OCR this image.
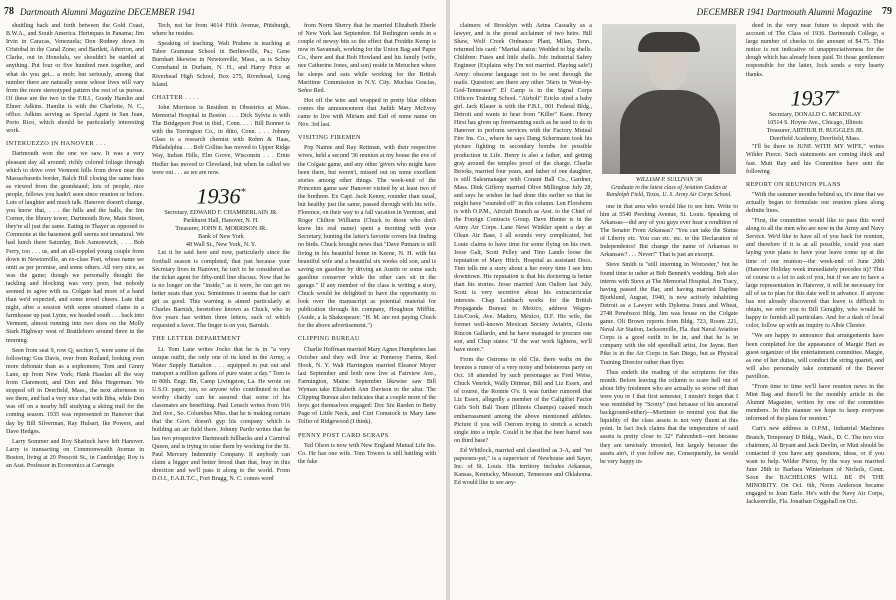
78 Dartmouth Alumni Magazine DECEMBER 1941

shuttling back and forth between the Gold Coast, B.W.A., and South America. Herinques in Panama; Jim Irvin in Caracas, Venezuela; Don Rodney down in Cristobal in the Canal Zone; and Bartlett, Atherton, and Clarke, out in Honolulu, we shouldn't be startled at anything. Put four or five hundred men together, and what do you get... a mob; but seriously, among that number there are naturally some whose lives will vary from the more stereotyped pattern the rest of us pursue. Of these are the two in the F.B.I., Goody Hamlin and Elmer Adkins. Hamlin is with the Charlotte, N. C., office. Adkins serving as Special Agent in San Juan, Porto Rico, which should be particularly interesting work.

INTERUEZZO IN HANOVER . . .

Dartmouth won the one we saw. It was a very pleasant day all around; richly colored foliage through which to drive over Vermont hills from down near the Massachusetts border, Balch Hill closing the same hues as viewed from the grandstand; lots of people, nice people, fellows you hadn't seen since reunion or before. Lots of laughter and much talk. Hanover doesn't change, you know that, . . . the hills and the halls, the Inn Corner, the library tower, Dartmouth Row, Main Street, they're all just the same. Eating in Thayer as opposed to Commons at the basement grill seems not unnatural. We had lunch there Saturday, Bob Asmonwich, . . . Bob Ferry, too . . . us, and an all-toppled young couple from down in Newtonville, an ex-class Poet, whose name we omit as per promise, and some others. All very nice, as was the game; though we personally thought the tackling and blocking was very poor, but nobody seemed to agree with us. Colgate had more of a band than we'd expected, and some towel cheers. Late that night, after a session with some steamed clams in a farmhouse up past Lyme, we headed south . . . back into Vermont, almost running into two does on the Molly Stark Highway west of Brattleboro around three in the morning.

Seen from seat 9, row Q, section 5, were some of the following: Gus Davis, over from Rutland, looking even more debonair than as a sophomore; Tom and Ginny Lane, up from New York; Hank Hasslau all the way from Claremont, and Don and Ibba Hegerman. We stopped off in Deerfield, Mass., the next afternoon to see them, and had a very nice chat with Ibba, while Don was off on a nearby hill studying a skiing trail for the coming season. 1935 was represented in Hanover that day by Bill Silverman, Ray Hulsart, Ike Powers, and Dave Hedges.

Larry Sommer and Roy Shattuck have left Hanover. Larry is transacting on Commonwealth Avenue in Boston, living at 20 Prescott St., in Cambridge; Roy is an Asst. Professor in Economics at Carnegie

Tech, not far from 4614 Fifth Avenue, Pittsburgh, where he resides.

Speaking of teaching, Walt Prahms is teaching at Tabor Grammar School in Berlinsville, Pa.; Gene Burnhart likewise in Newtonville, Mass., as is Schuy Cornehand in Durham, N. H., and Harry Price at Riverhead High School, Box 275, Riverhead, Long Island.

CHATTER . . . .

John Morrison is Resident in Obstetrics at Mass. Memorial Hospital in Boston . . . Dick Sylvia is with The Bridgeport Post in ibid., Conn. . . . Bill Bonner is with the Torrington Co., in ditto, Conn. . . . Johnny Glass is a research chemist with Rohm & Haas, Philadelphia . . . Bob Collins has moved to Upper Ridge Way, Indian Hills, Elm Grove, Wisconsin . . . Ernie Hedler has moved to Cleveland, but when he called we were out . . . as we are now.

1936*

Secretary, EDWARD F. CHAMBERLAIN JR.

Parkhurst Hall, Hanover, N. H.

Treasurer, JOHN E. MORRISON JR.

Bank of New York

48 Wall St., New York, N. Y.

Let it be said here and now, particularly since the football season is completed, that just because your Secretary lives in Hanover, he isn't to be considered as the ticket agent for fifty-until line discuss. Now that he is no longer on the "inside," as it were, he can get no better seats than you. Sometimes it seems that he can't get as good. This warning is aimed particularly at Charles Barnish, heretofore known as Chuck, who in five years has written three letters, each of which requested a favor. The finger is on you, Barnish.

THE LETTER DEPARTMENT

Lt. Tom Lane writes Jocko that he is in "a very unique outfit, the only one of its kind in the Army, a Water Supply Battalion . . . equipped to put out and transport a million gallons of pure water a day." Tom is in 80th. Engr. Bn, Camp Livingston, La. He wrote on U.S.O. paper, too, so anyone who contributed to that worthy charity can be assured that some of his classmates are benefiting. Paul Lensch writes from 916 2nd Ave., So. Columbus Miss. that he is making certain that the Govt. doesn't gyp his company which is building an air field there. Johnny Pardo writes that he has two prospective Dartmouth fullbacks and a Carnival Queen, and is trying to raise them by working for the St. Paul Mercury Indemnity Company. If anybody can claim a bigger and better brood than that, bray in this direction and we'll pass it along to the world. From D.O.I., F.A.R.T.C., Fort Bragg, N. C. comes word

from Norm Sherry that he married Elizabeth Eberle of New York last September. Ed Redington sends in a couple of newsy bits so the effect that Freddie Kemp is now in Savannah, working for the Union Bag and Paper Co., there and that Bob Howland and his family (wife, nee Catherine Jones, and son) reside in Metuchen where he sleeps and eats while working for the British Maritime Commission in N.Y. City. Muchas Gracias, Señor Red.

Hot off the wire and wrapped in pretty blue ribbon comes the announcement that Judith Mary McEvoy came to live with Miriam and Earl of some name on Nov. 3rd last.

VISITING FIREMEN

Pop Naime and Ray Reitman, with their respective wives, held a second '36 reunion at my house the eve of the Colgate game, and any other 'givers who might have been there, but weren't, missed out on some excellent stories among other things. The week-end of the Princeton game saw Hanover visited by at least two of the brethren. Ex Capt. Jack Kenny, rounder than usual, but healthy just the same, passed through with his wife. Florence, on their way to a fall vacation in Vermont, and Roger Chilton Williams (Chuck to those who don't know his real name) spent a morning with your Secretary, hunting the latter's favorite covers but finding no birds. Chuck brought news that "Dave Putnam is still living in his beautiful home in Keene, N. H. with his beautiful wife and a beautiful six weeks old son, and is saving on gasoline by driving an Austin or some such gasoline conserver while the other cars sit in the garage." If any member of the class is writing a story, Chuck would be delighted to have the opportunity to look over the manuscript as potential material for publication through his company, Houghton Mifflin. (Aside, a la Shakespeare: "H. M. are not paying Chuck for the above advertisement.")

CLIPPING BUREAU

Charlie Hoffman married Mary Agnes Humphries last October and they will live at Pomeroy Farms, Red Hook, N. Y. Walt Harrington married Eleanor Moyer last September and both now live at Fairview Ave., Farmington, Maine. September likewise saw Bill Wyman take Elizabeth Ann Davison to the altar. The Clipping Bureau also indicates that a couple more of the boys got themselves engaged: Doc Stu Rarden to Betty Page of Little Neck, and Curt Comstock to Mary Jane Telfer of Ridgewood (I think).

PENNY POST CARD SCRAPS

Ted Olson is now with New England Mutual Life Ins. Co. He has one wife. Tom Towers is still battling with the fake

DECEMBER 1941 Dartmouth Alumni Magazine 79

claimers of Brooklyn with Aetna Casualty as a lawyer, and is the proud acclaimer of two heirs. Bill Shaw, Wolf Creek Ordnance Plant, Milan, Tenn., returned his card: "Marital status: Wedded to big shells. Children: Fuses and little shells. Job: industrial Safety Engineer (Explains why I'm not married. Playing safe!) Army: obscene language not to be sent through the mails. Question: are there any other '36ers in 'West-by-God-Tennessee?" El Camp is in the Signal Corps Officers Training School. "Airbolt" Ericks sired a baby girl. Jack Klauer is with the F.B.I., 901 Federal Bldg., Detroit and wants to hear from "Killer" Kane. Henry Hirst has given up freemanning such as he used to do in Hanover to perform services with the Factory Mutual Fire Ins. Co., where he says Dang Schermann took his picture fighting in secondary bombs for possible production in Life. Henry is also a father, and getting gray around the temples proof of the charge. Charlie Brooks, married four years, and father of one daughter, is still Salesmanager with Conant Ball Co., Gardner, Mass. Dink Giffeny married Olive Millington July 28, and says he wishes he had done this earlier so that he might have "sounded off" in this column. Len Florsheim is with O.P.M., Aircraft Branch as Asst. to the Chief of the Foreign Contracts Group. Dave Hunter is in the Army Air Corps. Lane Newt Winkler spent a day at Olean Air Base, I all sounds very complicated, but Louie claims to have time for some flying on his own. Jesse Galt, Scott Pelley and Tino Lando loose the reputation of Mary Hitch. Hospital as assistant Docs. Tino tells me a story about a her every time I see him downtown. His reputation is that his doctoring is better than his stories. Jesse married Ann Oulton last July. Scott is very secretive about his extracurricular interests. Chap Leinbach works for the British Propaganda Bureau in Mexico, address Wagon-Lits/Cook, Ave. Madero, Mexico, D.F. His wife, the former well-known Mexican Society Aviatrix, Gloria Rincon Gallardo, and he have managed to procure one son, and Chap states: "If the war work lightens, we'll have more."

From the Ostroms in old Chi. there wafts on the breezes a rumor of a very noisy and boisterous party on Oct. 18 attended by such personages as Fred Weiss, Chuck Venrick, Wally Dittmar, Bill and Liz Essex, and of course, the Ronnie O's. It was further rumored that Liz Essex, allegedly a member of the Caligifiet Factor Girls Soft Ball Team (Illinois Champs) caused much embarrassment among the above mentioned athletes. Picture if you will Ostrom trying to stretch a scratch single into a triple. Could it be that the beer barrel was on third base?

Ed Whitlock, married and classified as 3-A, and "no papooses-yet," is a supervisor of Newhouse and Sayer, Inc. of St. Louis. His territory includes Arkansas, Kansas, Kentucky, Missouri, Tennessee and Oklahoma. Ed would like to see any-

WILLIAM P. SULLIVAN '36
Graduate in the latest class of Aviation Cadets at Randolph Field, Texas, U. S. Army Air Corps School.

one in that area who would like to see him. Write to him at 5540 Pershing Avenue, St. Louis. Speaking of Arkansas—did any of you guys ever hear a rendition of The Senator From Arkansas? "You can take the Statue of Liberty etc. You can etc. etc. to the Declaration of Independence! But change the name of Arkansas to Arkansaw? . . . Never!" That is just an excerpt.

Steve Smith is "still interning in Worcester," but he found time to usher at Bob Bennett's wedding. Bob also interns with Steve at The Memorial Hospital. Jim Tracy, having passed the Bar, and having married Daphne Bjorklund, August, 1940, is now actively inhabiting Detroit as a Lawyer with Dykema Jones and Wheat, 2748 Penobscot Bldg. Jim was house on the Colgate game. Oli Brown reports from Bldg. 723, Room 221, Naval Air Station, Jacksonville, Fla. that Naval Aviation Corps is a good outfit to be in, and that he is in company with the old speedball artist, Joe Jayne. Bert Pike is in the Air Corps in San Diego, but as Physical Training Director rather than flyer.

Thus endeth the reading of the scriptures for this month. Before leaving the column to scare hell out of about fifty freshmen who are actually so worse off than were you or I that first semester, I mustn't forget that I was reminded by "Scotty" (not because of his ancestral background-either)—Mortimer to remind you that the liquidity of the class assets is not very fluent at this point. In fact Jock claims that the temperature of said assets is pretty close to 32° Fahrenheit—not because they are unwisely invested, but largely because the assets ain't, if you follow me. Consequently, he would be very happy in-

deed in the very near future to deposit with the account of The Class of 1936. Dartmouth College, a large number of checks to the amount of $4.75. This notice is not indicative of unappreciativeness for the dough which has already been paid. To those gentlemen responsible for the latter, Jock sends a very hearty thanks.

1937*

Secretary, DONALD C. MCKINLAY

10514 S. Hoyne Ave., Chicago, Illinois

Treasurer, ARTHUR H. RUGGLES JR.

Deerfield Academy, Deerfield, Mass.

"I'll be there in JUNE WITH MY WIFE," writes Wilder Pierce. Such statements are coming thick and fast. Mutt Ray and his Committee have sent the following

REPORT ON REUNION PLANS

"With the summer months behind us, it's time that we actually began to formulate our reunion plans along definite lines.

"First, the committee would like to pass this word along to all the men who are now in the Army and Navy Service. We'd like to have all of you back for reunion, and therefore if it is at all possible, could you start laying your plans to have your leave come up at the time of our reunion—the week-end of June 20th (Hanover Holiday week immediately precedes it)? This of course is a lot to ask of you, but if we are to have a large representation in Hanover, it will be necessary for all of us to plan for this date well in advance. If anyone has not already discovered that leave is difficult to obtain, we refer you to Bill Geraghty, who would be happy to furnish all particulars. And for a dash of local color, follow up with an inquiry to Albie Chester.

"We are happy to announce that arrangements have been completed for the appearance of Margie Hart as guest organizer of the entertainment committee. Margie, as one of her duties, will conduct the string quartet, and will also personally take command of the Beaver pavillion.

"From time to time we'll have reunion news in the Mint Bag and there'll be the monthly article in the Alumni Magazine, written by one of the committee members. In this manner we hope to keep everyone informed of the plans for reunion."

Cart's new address is O.P.M., Industrial Machines Branch, Temporary D Bldg., Wash., D. C. The two vice chairmen, Al Bryant and Jack Devlin, or Mutt should be contacted if you have any questions, ideas, or if you want to help. Wilder Pierce, by the way was married June 28th to Barbara Winterburn of Nichols, Conn. Soon the BACHELORS WILL BE IN THE MINORITY. On Oct. 6th, Norm Anderson became engaged to Joan Earle. He's with the Navy Air Corps, Jacksonville, Fla. Jonathan Coggshall on Oct.
